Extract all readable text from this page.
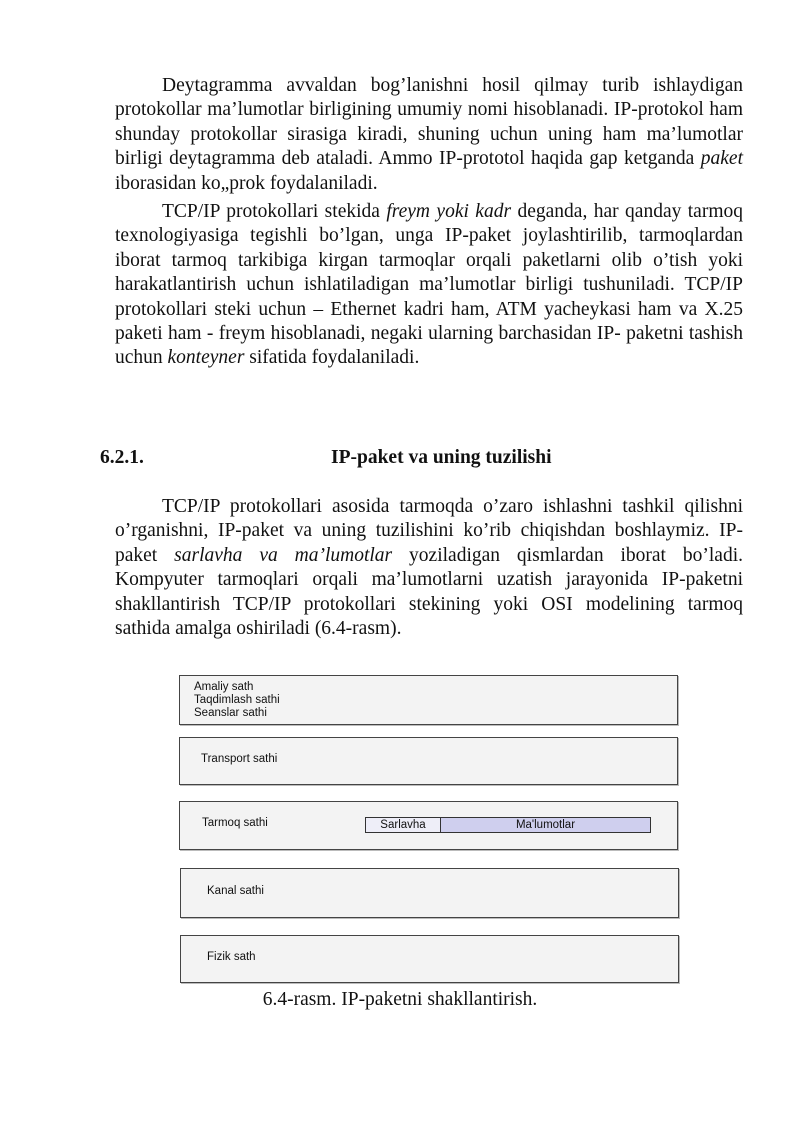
Deytagramma avvaldan bog’lanishni hosil qilmay turib ishlaydigan protokollar ma’lumotlar birligining umumiy nomi hisoblanadi. IP-protokol ham shunday protokollar sirasiga kiradi, shuning uchun uning ham ma’lumotlar birligi deytagramma deb ataladi. Ammo IP-prototol haqida gap ketganda paket iborasidan ko„prok foydalaniladi.

TCP/IP protokollari stekida freym yoki kadr deganda, har qanday tarmoq texnologiyasiga tegishli bo’lgan, unga IP-paket joylashtirilib, tarmoqlardan iborat tarmoq tarkibiga kirgan tarmoqlar orqali paketlarni olib o’tish yoki harakatlantirish uchun ishlatiladigan ma’lumotlar birligi tushuniladi. TCP/IP protokollari steki uchun – Ethernet kadri ham, ATM yacheykasi ham va X.25 paketi ham - freym hisoblanadi, negaki ularning barchasidan IP- paketni tashish uchun konteyner sifatida foydalaniladi.

6.2.1.	IP-paket va uning tuzilishi

TCP/IP protokollari asosida tarmoqda o’zaro ishlashni tashkil qilishni o’rganishni, IP-paket va uning tuzilishini ko’rib chiqishdan boshlaymiz. IP-paket sarlavha va ma’lumotlar yoziladigan qismlardan iborat bo’ladi. Kompyuter tarmoqlari orqali ma’lumotlarni uzatish jarayonida IP-paketni shakllantirish TCP/IP protokollari stekining yoki OSI modelining tarmoq sathida amalga oshiriladi (6.4-rasm).

Amaliy sath
Taqdimlash sathi
Seanslar sathi
Transport sathi
Tarmoq sathi	Sarlavha	Ma'lumotlar
Kanal sathi
Fizik sath

6.4-rasm. IP-paketni shakllantirish.
